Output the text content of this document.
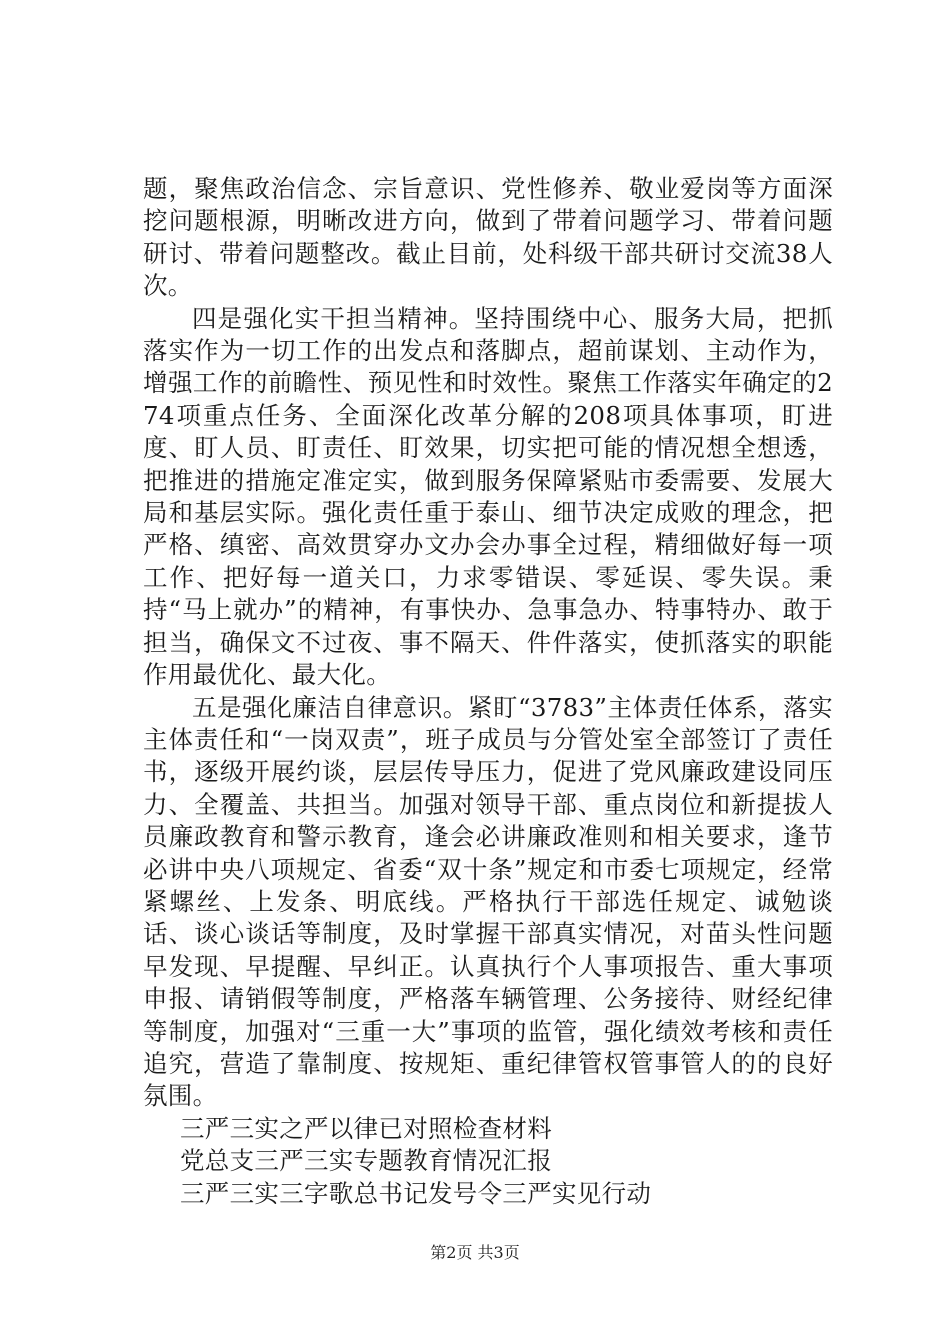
题，聚焦政治信念、宗旨意识、党性修养、敬业爱岗等方面深挖问题根源，明晰改进方向，做到了带着问题学习、带着问题研讨、带着问题整改。截止目前，处科级干部共研讨交流38人次。

四是强化实干担当精神。坚持围绕中心、服务大局，把抓落实作为一切工作的出发点和落脚点，超前谋划、主动作为，增强工作的前瞻性、预见性和时效性。聚焦工作落实年确定的274项重点任务、全面深化改革分解的208项具体事项，盯进度、盯人员、盯责任、盯效果，切实把可能的情况想全想透，把推进的措施定准定实，做到服务保障紧贴市委需要、发展大局和基层实际。强化责任重于泰山、细节决定成败的理念，把严格、缜密、高效贯穿办文办会办事全过程，精细做好每一项工作、把好每一道关口，力求零错误、零延误、零失误。秉持“马上就办”的精神，有事快办、急事急办、特事特办、敢于担当，确保文不过夜、事不隔天、件件落实，使抓落实的职能作用最优化、最大化。

五是强化廉洁自律意识。紧盯“3783”主体责任体系，落实主体责任和“一岗双责”，班子成员与分管处室全部签订了责任书，逐级开展约谈，层层传导压力，促进了党风廉政建设同压力、全覆盖、共担当。加强对领导干部、重点岗位和新提拔人员廉政教育和警示教育，逢会必讲廉政准则和相关要求，逢节必讲中央八项规定、省委“双十条”规定和市委七项规定，经常紧螺丝、上发条、明底线。严格执行干部选任规定、诚勉谈话、谈心谈话等制度，及时掌握干部真实情况，对苗头性问题早发现、早提醒、早纠正。认真执行个人事项报告、重大事项申报、请销假等制度，严格落车辆管理、公务接待、财经纪律等制度，加强对“三重一大”事项的监管，强化绩效考核和责任追究，营造了靠制度、按规矩、重纪律管权管事管人的的良好氛围。

三严三实之严以律已对照检查材料

党总支三严三实专题教育情况汇报

三严三实三字歌总书记发号令三严实见行动

第2页 共3页
